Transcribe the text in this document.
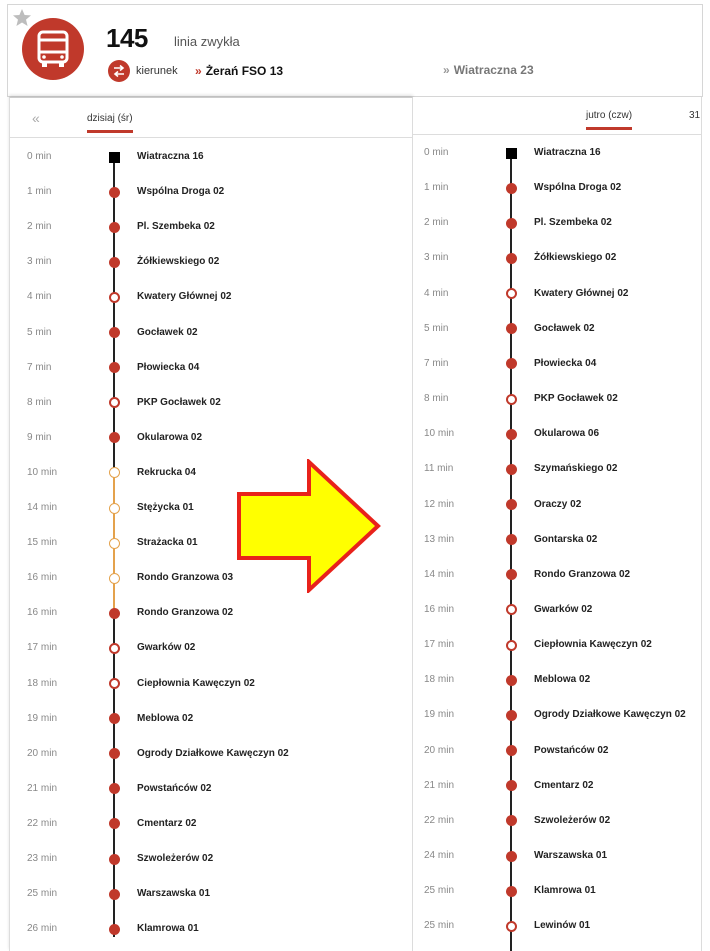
145 linia zwykła
kierunek » Żerań FSO 13	» Wiatraczna 23
«	dzisiaj (śr)
0 min	Wiatraczna 16
1 min	Wspólna Droga 02
2 min	Pl. Szembeka 02
3 min	Żółkiewskiego 02
4 min	Kwatery Głównej 02
5 min	Gocławek 02
7 min	Płowiecka 04
8 min	PKP Gocławek 02
9 min	Okularowa 02
10 min	Rekrucka 04
14 min	Stężycka 01
15 min	Strażacka 01
16 min	Rondo Granzowa 03
16 min	Rondo Granzowa 02
17 min	Gwarków 02
18 min	Ciepłownia Kawęczyn 02
19 min	Meblowa 02
20 min	Ogrody Działkowe Kawęczyn 02
21 min	Powstańców 02
22 min	Cmentarz 02
23 min	Szwoleżerów 02
25 min	Warszawska 01
26 min	Klamrowa 01
jutro (czw)	31
0 min	Wiatraczna 16
1 min	Wspólna Droga 02
2 min	Pl. Szembeka 02
3 min	Żółkiewskiego 02
4 min	Kwatery Głównej 02
5 min	Gocławek 02
7 min	Płowiecka 04
8 min	PKP Gocławek 02
10 min	Okularowa 06
11 min	Szymańskiego 02
12 min	Oraczy 02
13 min	Gontarska 02
14 min	Rondo Granzowa 02
16 min	Gwarków 02
17 min	Ciepłownia Kawęczyn 02
18 min	Meblowa 02
19 min	Ogrody Działkowe Kawęczyn 02
20 min	Powstańców 02
21 min	Cmentarz 02
22 min	Szwoleżerów 02
24 min	Warszawska 01
25 min	Klamrowa 01
25 min	Lewinów 01
